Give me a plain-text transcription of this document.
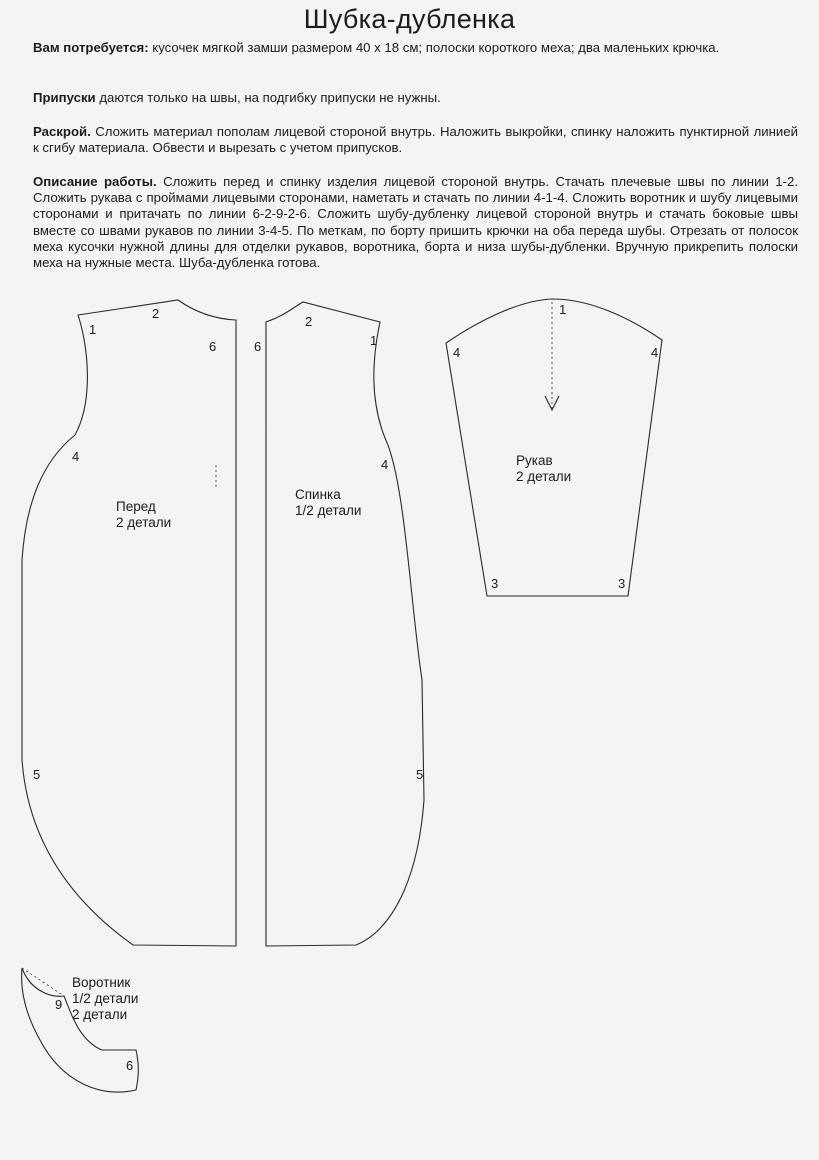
Шубка-дубленка

Вам потребуется: кусочек мягкой замши размером 40 х 18 см; полоски короткого меха; два маленьких крючка.

Припуски даются только на швы, на подгибку припуски не нужны.

Раскрой. Сложить материал пополам лицевой стороной внутрь. Наложить выкройки, спинку наложить пунктирной линией к сгибу материала. Обвести и вырезать с учетом припусков.

Описание работы. Сложить перед и спинку изделия лицевой стороной внутрь. Стачать плечевые швы по линии 1-2. Сложить рукава с проймами лицевыми сторонами, наметать и стачать по линии 4-1-4. Сложить воротник и шубу лицевыми сторонами и притачать по линии 6-2-9-2-6. Сложить шубу-дубленку лицевой стороной внутрь и стачать боковые швы вместе со швами рукавов по линии 3-4-5. По меткам, по борту пришить крючки на оба переда шубы. Отрезать от полосок меха кусочки нужной длины для отделки рукавов, воротника, борта и низа шубы-дубленки. Вручную прикрепить полоски меха на нужные места. Шуба-дубленка готова.

1
2
6
4
5
Перед
2 детали
2
1
6
4
5
Спинка
1/2 детали
1
4	4
3	3
Рукав
2 детали
9
6
Воротник
1/2 детали
2 детали
